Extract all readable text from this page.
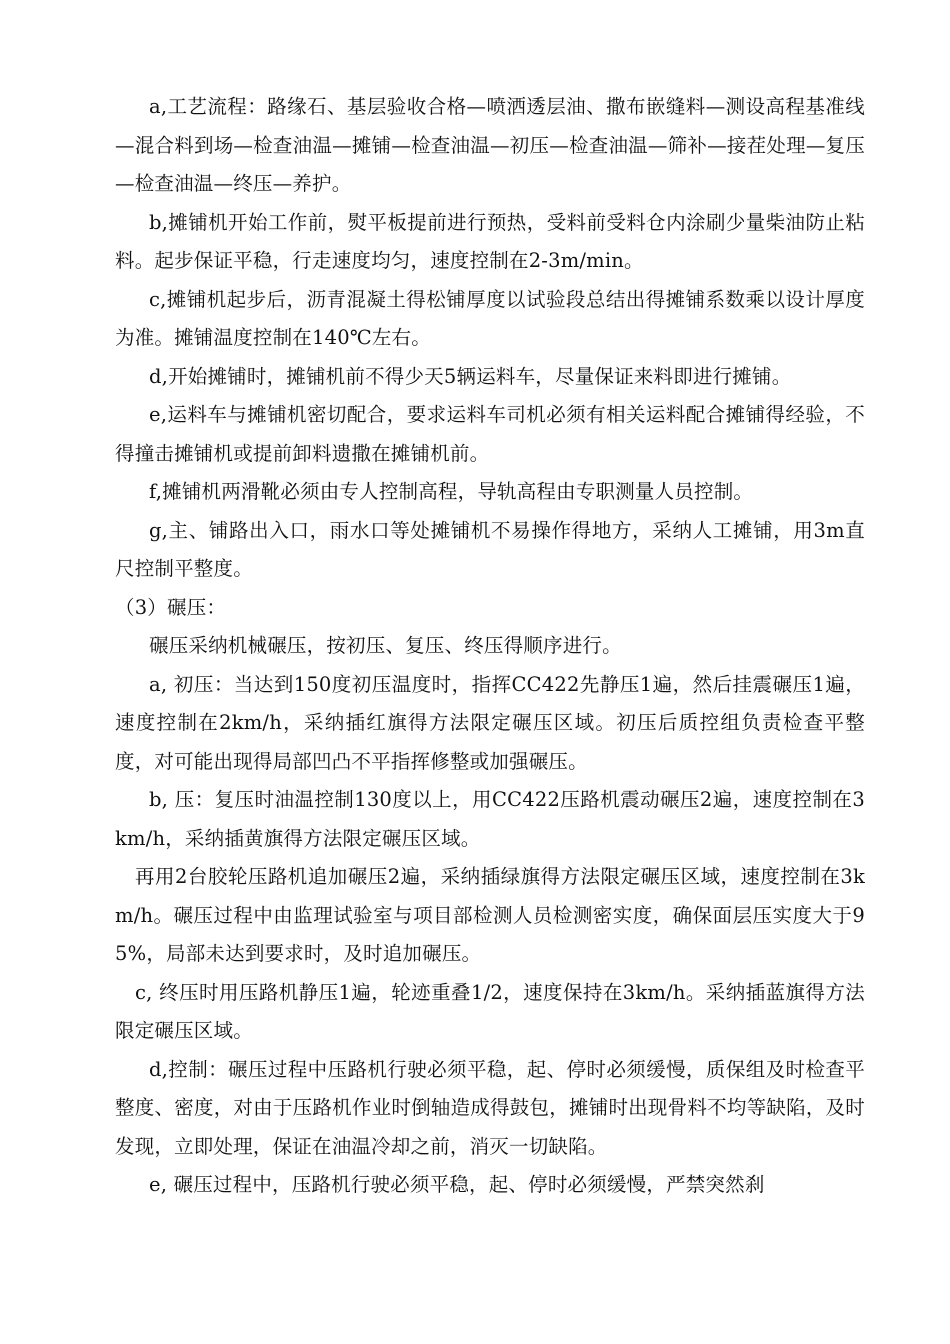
a,工艺流程：路缘石、基层验收合格—喷洒透层油、撒布嵌缝料—测设高程基准线—混合料到场—检查油温—摊铺—检查油温—初压—检查油温—筛补—接茬处理—复压—检查油温—终压—养护。

b,摊铺机开始工作前，熨平板提前进行预热，受料前受料仓内涂刷少量柴油防止粘料。起步保证平稳，行走速度均匀，速度控制在2-3m/min。

c,摊铺机起步后，沥青混凝土得松铺厚度以试验段总结出得摊铺系数乘以设计厚度为准。摊铺温度控制在140℃左右。

d,开始摊铺时，摊铺机前不得少天5辆运料车，尽量保证来料即进行摊铺。

e,运料车与摊铺机密切配合，要求运料车司机必须有相关运料配合摊铺得经验，不得撞击摊铺机或提前卸料遗撒在摊铺机前。

f,摊铺机两滑靴必须由专人控制高程，导轨高程由专职测量人员控制。

g,主、铺路出入口，雨水口等处摊铺机不易操作得地方，采纳人工摊铺，用3m直尺控制平整度。

（3）碾压：

碾压采纳机械碾压，按初压、复压、终压得顺序进行。

a, 初压：当达到150度初压温度时，指挥CC422先静压1遍，然后挂震碾压1遍，速度控制在2km/h，采纳插红旗得方法限定碾压区域。初压后质控组负责检查平整度，对可能出现得局部凹凸不平指挥修整或加强碾压。

b, 压：复压时油温控制130度以上，用CC422压路机震动碾压2遍，速度控制在3km/h，采纳插黄旗得方法限定碾压区域。

再用2台胶轮压路机追加碾压2遍，采纳插绿旗得方法限定碾压区域，速度控制在3km/h。碾压过程中由监理试验室与项目部检测人员检测密实度，确保面层压实度大于95%，局部未达到要求时，及时追加碾压。

c, 终压时用压路机静压1遍，轮迹重叠1/2，速度保持在3km/h。采纳插蓝旗得方法限定碾压区域。

d,控制：碾压过程中压路机行驶必须平稳，起、停时必须缓慢，质保组及时检查平整度、密度，对由于压路机作业时倒轴造成得鼓包，摊铺时出现骨料不均等缺陷，及时发现，立即处理，保证在油温冷却之前，消灭一切缺陷。

e, 碾压过程中，压路机行驶必须平稳，起、停时必须缓慢，严禁突然刹
